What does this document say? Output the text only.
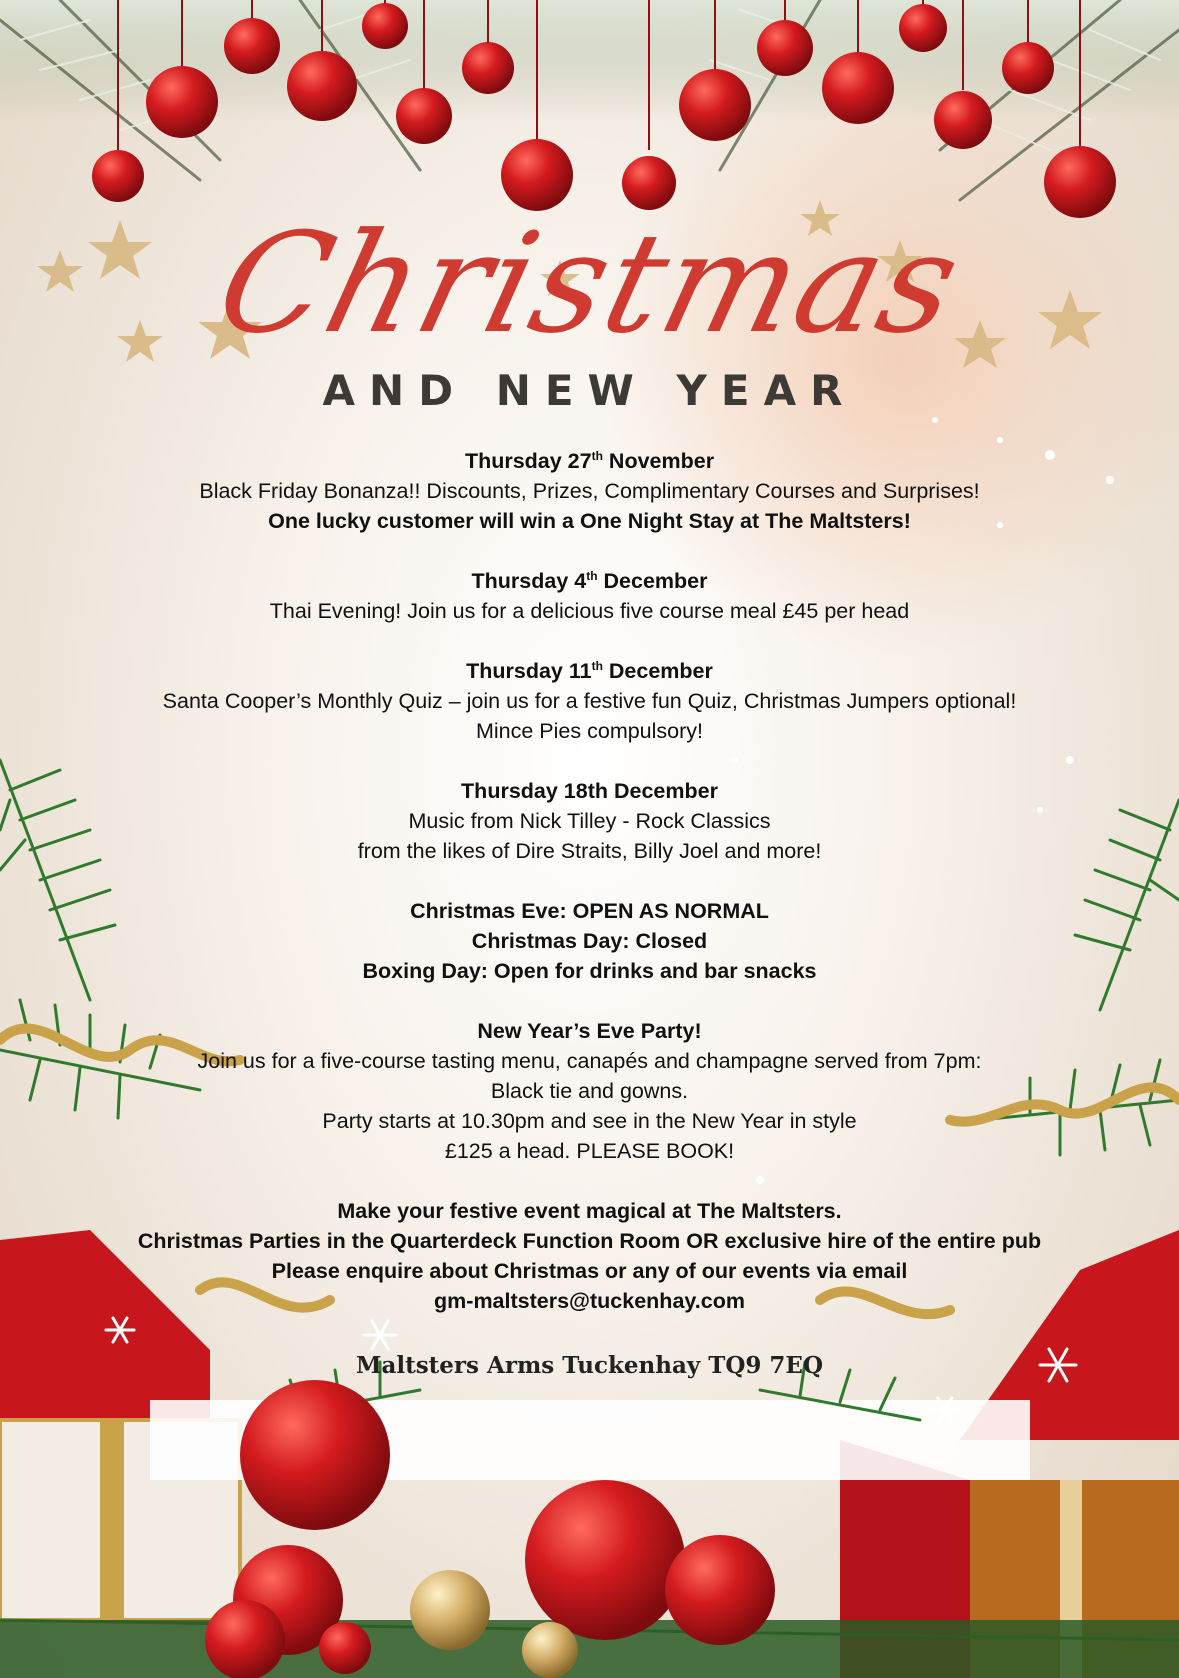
Christmas
AND NEW YEAR

Thursday 27th November

Black Friday Bonanza!! Discounts, Prizes, Complimentary Courses and Surprises!

One lucky customer will win a One Night Stay at The Maltsters!

Thursday 4th December

Thai Evening! Join us for a delicious five course meal £45 per head

Thursday 11th December

Santa Cooper’s Monthly Quiz – join us for a festive fun Quiz, Christmas Jumpers optional!

Mince Pies compulsory!

Thursday 18th December

Music from Nick Tilley - Rock Classics

from the likes of Dire Straits, Billy Joel and more!

Christmas Eve: OPEN AS NORMAL

Christmas Day: Closed

Boxing Day: Open for drinks and bar snacks

New Year’s Eve Party!

Join us for a five-course tasting menu, canapés and champagne served from 7pm:

Black tie and gowns.

Party starts at 10.30pm and see in the New Year in style

£125 a head. PLEASE BOOK!

Make your festive event magical at The Maltsters.

Christmas Parties in the Quarterdeck Function Room OR exclusive hire of the entire pub

Please enquire about Christmas or any of our events via email

gm-maltsters@tuckenhay.com

Maltsters Arms Tuckenhay TQ9 7EQ
